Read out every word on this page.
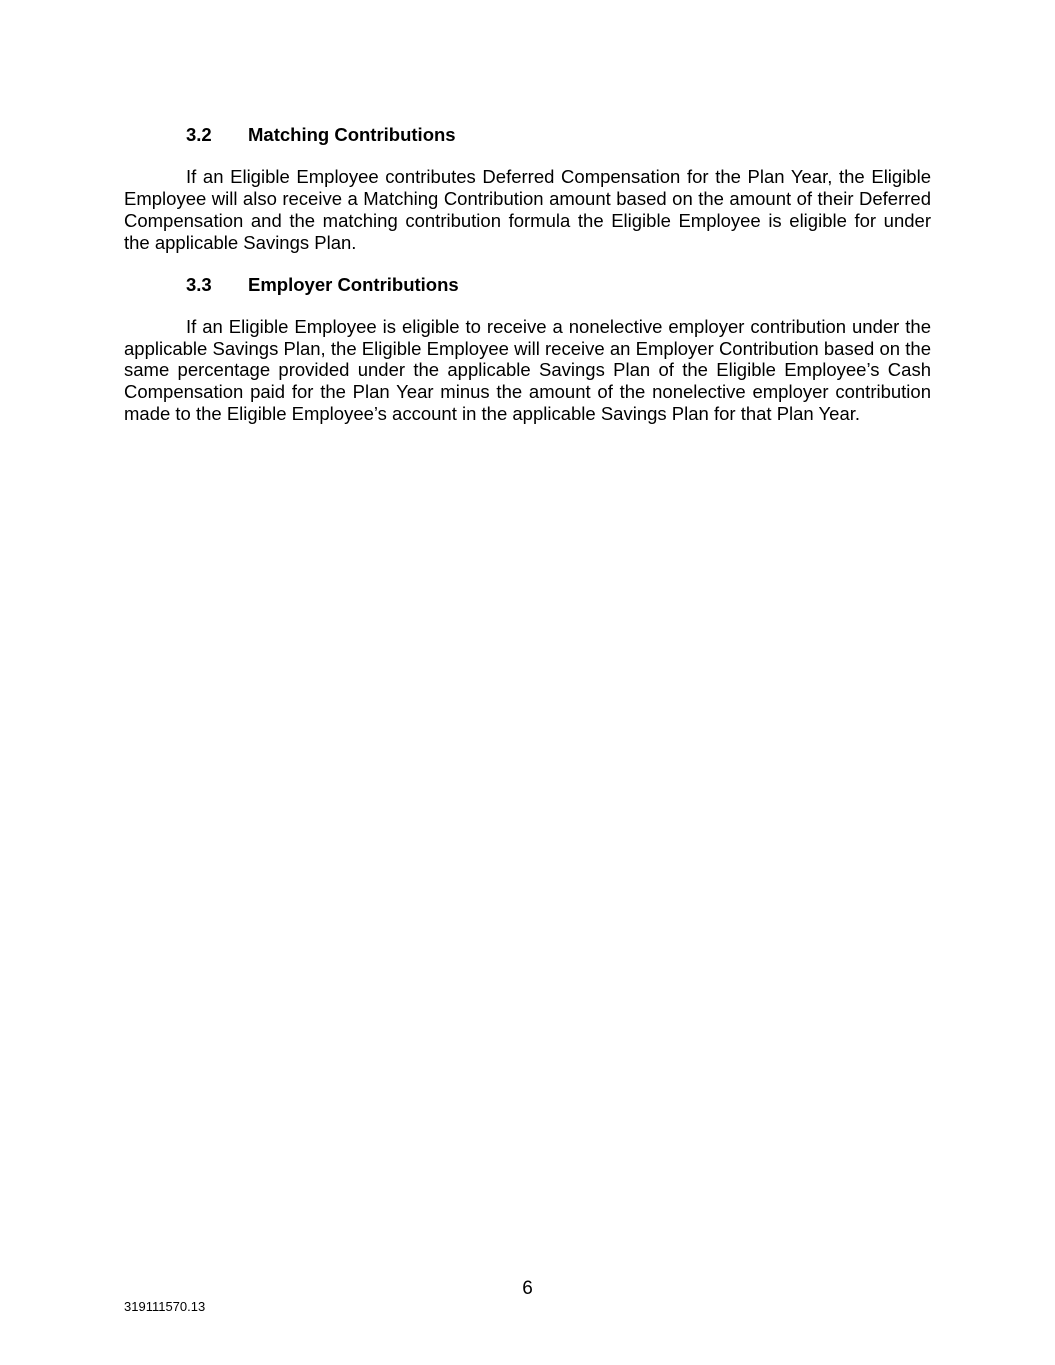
3.2 Matching Contributions

If an Eligible Employee contributes Deferred Compensation for the Plan Year, the Eligible Employee will also receive a Matching Contribution amount based on the amount of their Deferred Compensation and the matching contribution formula the Eligible Employee is eligible for under the applicable Savings Plan.

3.3 Employer Contributions

If an Eligible Employee is eligible to receive a nonelective employer contribution under the applicable Savings Plan, the Eligible Employee will receive an Employer Contribution based on the same percentage provided under the applicable Savings Plan of the Eligible Employee’s Cash Compensation paid for the Plan Year minus the amount of the nonelective employer contribution made to the Eligible Employee’s account in the applicable Savings Plan for that Plan Year.

6
319111570.13
